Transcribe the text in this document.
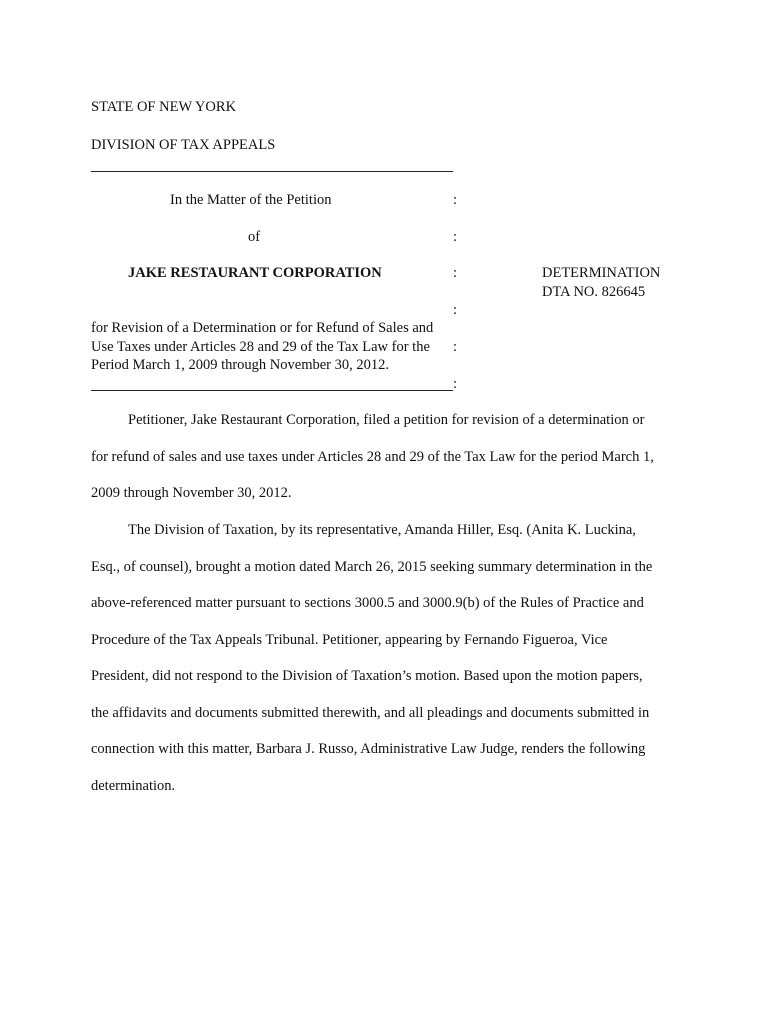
STATE OF NEW YORK
DIVISION OF TAX APPEALS
In the Matter of the Petition	:
of	:
JAKE RESTAURANT CORPORATION	:	DETERMINATION
DTA NO. 826645
:
for Revision of a Determination or for Refund of Sales and
Use Taxes under Articles 28 and 29 of the Tax Law for the :
Period March 1, 2009 through November 30, 2012.
:
Petitioner, Jake Restaurant Corporation, filed a petition for revision of a determination or
for refund of sales and use taxes under Articles 28 and 29 of the Tax Law for the period March 1,
2009 through November 30, 2012.
The Division of Taxation, by its representative, Amanda Hiller, Esq. (Anita K. Luckina,
Esq., of counsel), brought a motion dated March 26, 2015 seeking summary determination in the
above-referenced matter pursuant to sections 3000.5 and 3000.9(b) of the Rules of Practice and
Procedure of the Tax Appeals Tribunal. Petitioner, appearing by Fernando Figueroa, Vice
President, did not respond to the Division of Taxation’s motion. Based upon the motion papers,
the affidavits and documents submitted therewith, and all pleadings and documents submitted in
connection with this matter, Barbara J. Russo, Administrative Law Judge, renders the following
determination.
